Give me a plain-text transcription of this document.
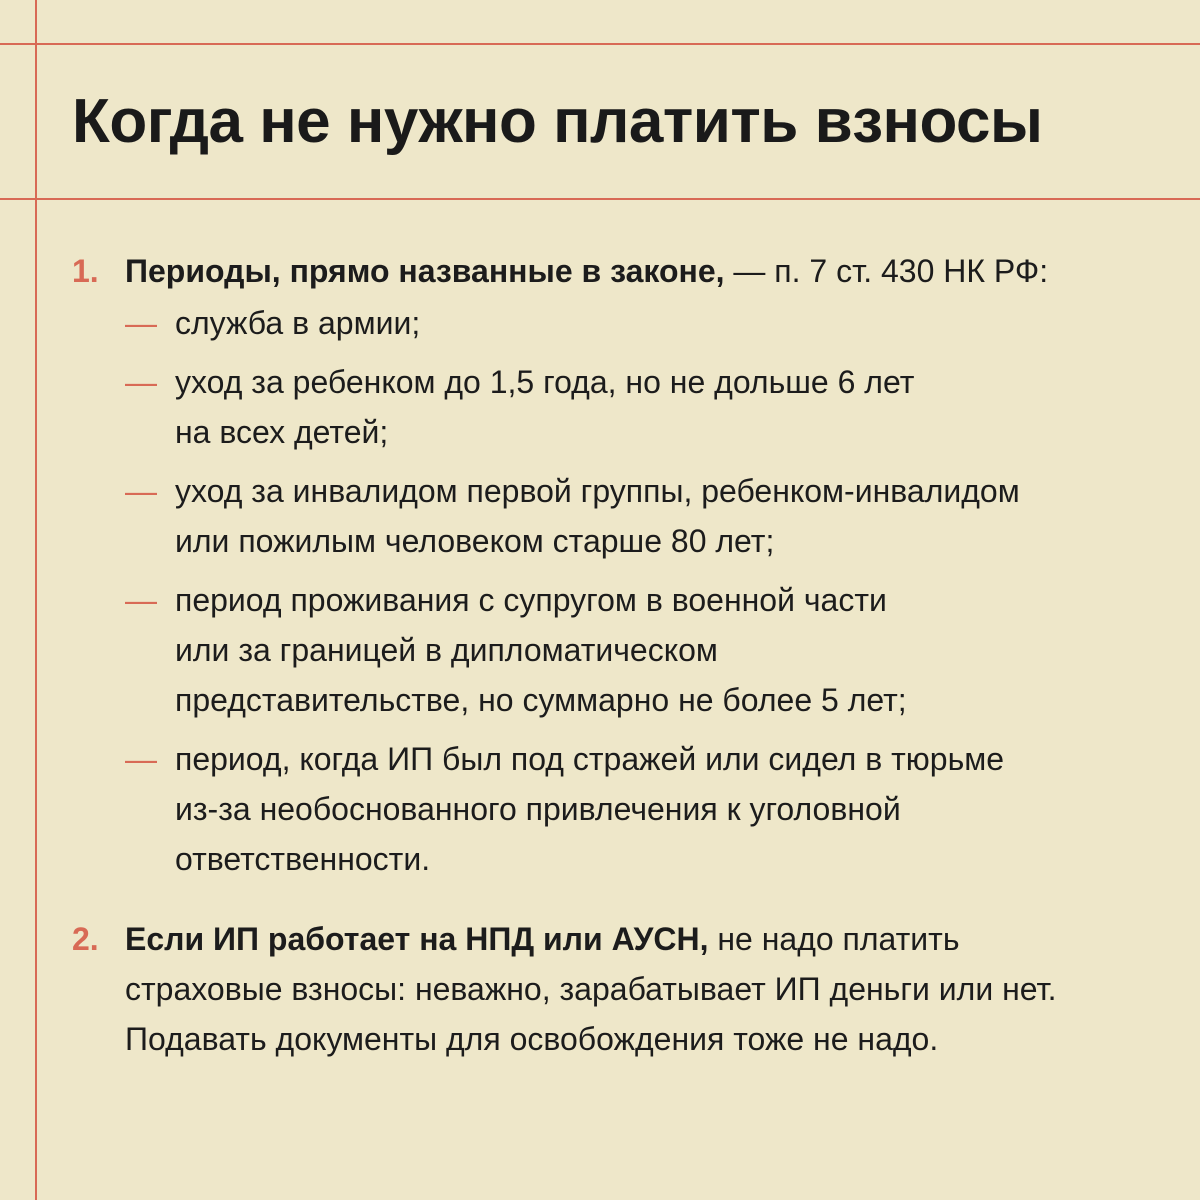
Когда не нужно платить взносы
1. Периоды, прямо названные в законе, — п. 7 ст. 430 НК РФ:
— служба в армии;
— уход за ребенком до 1,5 года, но не дольше 6 лет
на всех детей;
— уход за инвалидом первой группы, ребенком-инвалидом
или пожилым человеком старше 80 лет;
— период проживания с супругом в военной части
или за границей в дипломатическом
представительстве, но суммарно не более 5 лет;
— период, когда ИП был под стражей или сидел в тюрьме
из-за необоснованного привлечения к уголовной
ответственности.
2. Если ИП работает на НПД или АУСН, не надо платить
страховые взносы: неважно, зарабатывает ИП деньги или нет.
Подавать документы для освобождения тоже не надо.
